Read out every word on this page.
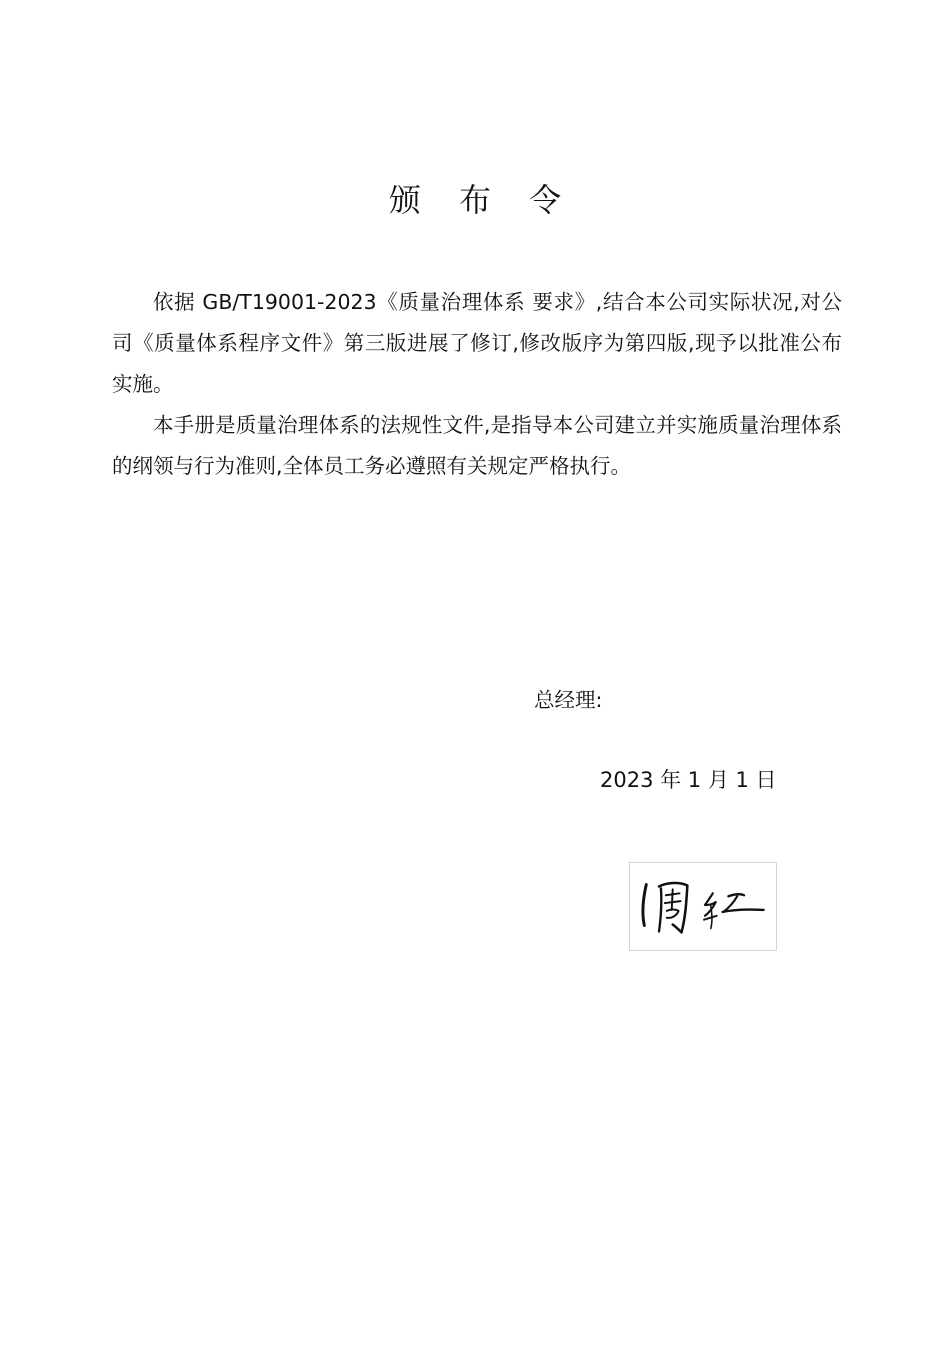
颁 布 令

依据 GB/T19001-2023《质量治理体系 要求》,结合本公司实际状况,对公司《质量体系程序文件》第三版进展了修订,修改版序为第四版,现予以批准公布实施。

本手册是质量治理体系的法规性文件,是指导本公司建立并实施质量治理体系的纲领与行为准则,全体员工务必遵照有关规定严格执行。

总经理:
2023 年 1 月 1 日
